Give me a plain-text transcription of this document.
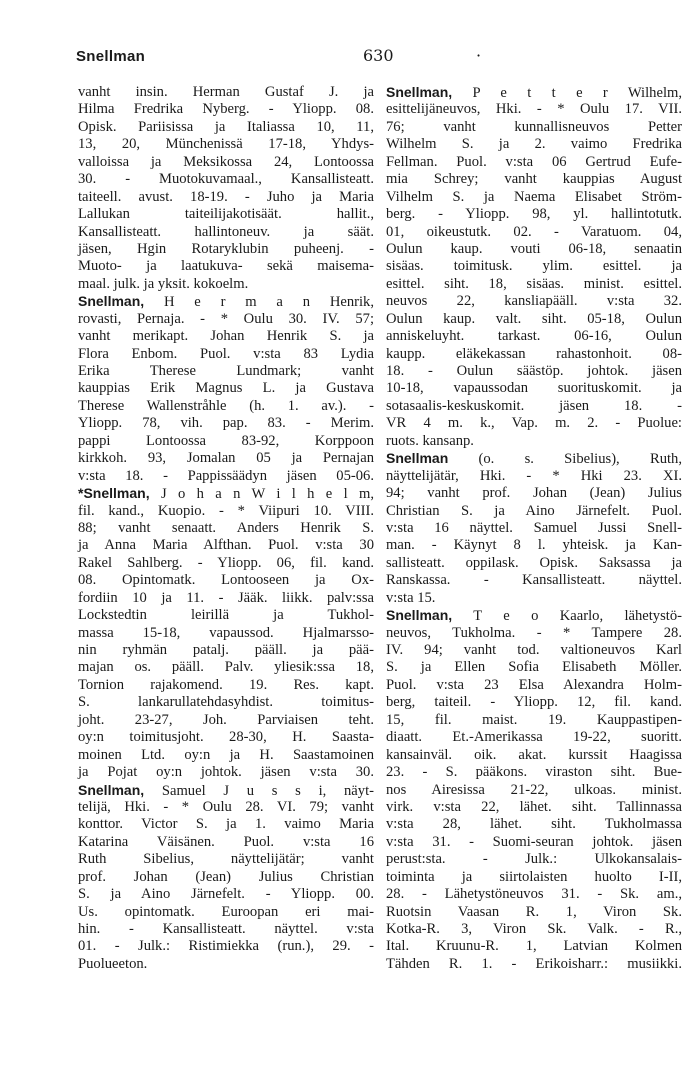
Snellman	630	·
vanht insin. Herman Gustaf J. ja
Hilma Fredrika Nyberg. - Yliopp. 08.
Opisk. Pariisissa ja Italiassa 10, 11,
13, 20, Münchenissä 17-18, Yhdys-
valloissa ja Meksikossa 24, Lontoossa
30. - Muotokuvamaal., Kansallisteatt.
taiteell. avust. 18-19. - Juho ja Maria
Lallukan taiteilijakotisäät. hallit.,
Kansallisteatt. hallintoneuv. ja säät.
jäsen, Hgin Rotaryklubin puheenj. -
Muoto- ja laatukuva- sekä maisema-
maal. julk. ja yksit. kokoelm.
Snellman, H e r m a n Henrik,
rovasti, Pernaja. - * Oulu 30. IV. 57;
vanht merikapt. Johan Henrik S. ja
Flora Enbom. Puol. v:sta 83 Lydia
Erika Therese Lundmark; vanht
kauppias Erik Magnus L. ja Gustava
Therese Wallenstråhle (h. 1. av.). -
Yliopp. 78, vih. pap. 83. - Merim.
pappi Lontoossa 83-92, Korppoon
kirkkoh. 93, Jomalan 05 ja Pernajan
v:sta 18. - Pappissäädyn jäsen 05-06.
*Snellman, J o h a n W i l h e l m,
fil. kand., Kuopio. - * Viipuri 10. VIII.
88; vanht senaatt. Anders Henrik S.
ja Anna Maria Alfthan. Puol. v:sta 30
Rakel Sahlberg. - Yliopp. 06, fil. kand.
08. Opintomatk. Lontooseen ja Ox-
fordiin 10 ja 11. - Jääk. liikk. palv:ssa
Lockstedtin leirillä ja Tukhol-
massa 15-18, vapaussod. Hjalmarsso-
nin ryhmän patalj. pääll. ja pää-
majan os. pääll. Palv. yliesik:ssa 18,
Tornion rajakomend. 19. Res. kapt.
S. lankarullatehdasyhdist. toimitus-
joht. 23-27, Joh. Parviaisen teht.
oy:n toimitusjoht. 28-30, H. Saasta-
moinen Ltd. oy:n ja H. Saastamoinen
ja Pojat oy:n johtok. jäsen v:sta 30.
Snellman, Samuel J u s s i, näyt-
telijä, Hki. - * Oulu 28. VI. 79; vanht
konttor. Victor S. ja 1. vaimo Maria
Katarina Väisänen. Puol. v:sta 16
Ruth Sibelius, näyttelijätär; vanht
prof. Johan (Jean) Julius Christian
S. ja Aino Järnefelt. - Yliopp. 00.
Us. opintomatk. Euroopan eri mai-
hin. - Kansallisteatt. näyttel. v:sta
01. - Julk.: Ristimiekka (run.), 29. -
Puolueeton.
Snellman, P e t t e r Wilhelm,
esittelijäneuvos, Hki. - * Oulu 17. VII.
76; vanht kunnallisneuvos Petter
Wilhelm S. ja 2. vaimo Fredrika
Fellman. Puol. v:sta 06 Gertrud Eufe-
mia Schrey; vanht kauppias August
Vilhelm S. ja Naema Elisabet Ström-
berg. - Yliopp. 98, yl. hallintotutk.
01, oikeustutk. 02. - Varatuom. 04,
Oulun kaup. vouti 06-18, senaatin
sisäas. toimitusk. ylim. esittel. ja
esittel. siht. 18, sisäas. minist. esittel.
neuvos 22, kansliapääll. v:sta 32.
Oulun kaup. valt. siht. 05-18, Oulun
anniskeluyht. tarkast. 06-16, Oulun
kaupp. eläkekassan rahastonhoit. 08-
18. - Oulun säästöp. johtok. jäsen
10-18, vapaussodan suorituskomit. ja
sotasaalis-keskuskomit. jäsen 18. -
VR 4 m. k., Vap. m. 2. - Puolue:
ruots. kansanp.
Snellman (o. s. Sibelius), Ruth,
näyttelijätär, Hki. - * Hki 23. XI.
94; vanht prof. Johan (Jean) Julius
Christian S. ja Aino Järnefelt. Puol.
v:sta 16 näyttel. Samuel Jussi Snell-
man. - Käynyt 8 l. yhteisk. ja Kan-
sallisteatt. oppilask. Opisk. Saksassa ja
Ranskassa. - Kansallisteatt. näyttel.
v:sta 15.
Snellman, T e o Kaarlo, lähetystö-
neuvos, Tukholma. - * Tampere 28.
IV. 94; vanht tod. valtioneuvos Karl
S. ja Ellen Sofia Elisabeth Möller.
Puol. v:sta 23 Elsa Alexandra Holm-
berg, taiteil. - Yliopp. 12, fil. kand.
15, fil. maist. 19. Kauppastipen-
diaatt. Et.-Amerikassa 19-22, suoritt.
kansainväl. oik. akat. kurssit Haagissa
23. - S. pääkons. viraston siht. Bue-
nos Airesissa 21-22, ulkoas. minist.
virk. v:sta 22, lähet. siht. Tallinnassa
v:sta 28, lähet. siht. Tukholmassa
v:sta 31. - Suomi-seuran johtok. jäsen
perust:sta. - Julk.: Ulkokansalais-
toiminta ja siirtolaisten huolto I-II,
28. - Lähetystöneuvos 31. - Sk. am.,
Ruotsin Vaasan R. 1, Viron Sk.
Kotka-R. 3, Viron Sk. Valk. - R.,
Ital. Kruunu-R. 1, Latvian Kolmen
Tähden R. 1. - Erikoisharr.: musiikki.
